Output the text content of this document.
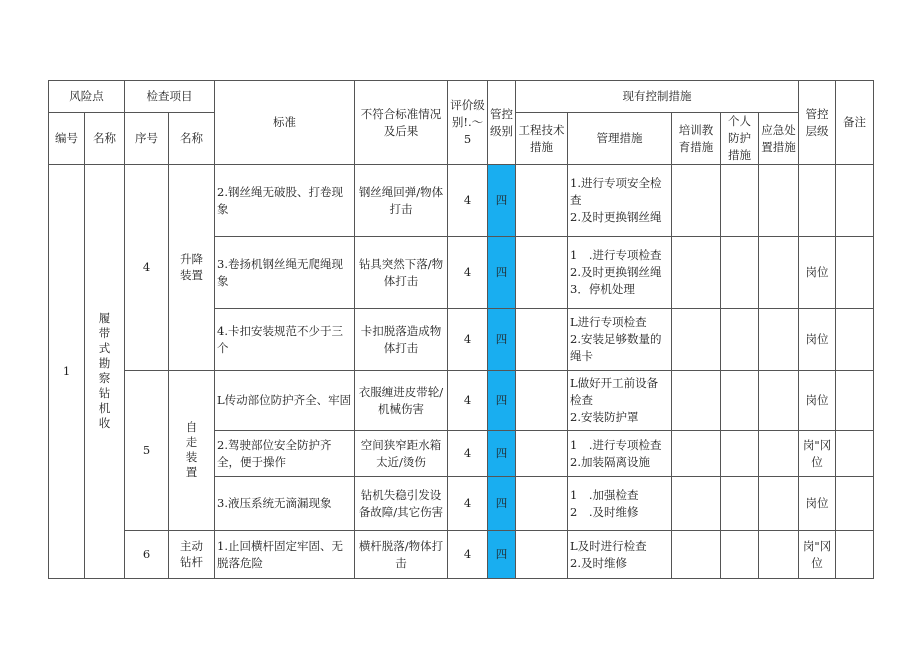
风险点		检查项目		标准	不符合标准情况及后果	评价级别!.～5	管控级别	现有控制措施					管控层级	备注
编号	名称	序号	名称					工程技术措施	管理措施	培训教育措施	个人防护措施	应急处置措施		
1	履带式勘察钻机收	4	升降装置	2.钢丝绳无破股、打卷现象	钢丝绳回弹/物体打击	4	四		1.进行专项安全检查
2.及时更换钢丝绳					

				3.卷扬机钢丝绳无爬绳现象	钻具突然下落/物体打击	4	四		1　.进行专项检查
2.及时更换钢丝绳
3．停机处理				岗位	
				4.卡扣安装规范不少于三个	卡扣脱落造成物体打击	4	四		L进行专项检查
2.安装足够数量的绳卡				岗位	
		5	自走装置	L传动部位防护齐全、牢固	衣服缠进皮带轮/机械伤害	4	四		L做好开工前设备检查
2.安装防护罩				岗位	
				2.驾驶部位安全防护齐全，便于操作	空间狭窄距水箱太近/烫伤	4	四		1　.进行专项检查
2.加装隔离设施				岗"冈位	
				3.液压系统无滴漏现象	钻机失稳引发设备故障/其它伤害	4	四		1　.加强检查
2　.及时维修				岗位	
		6	主动钻杆	1.止回横杆固定牢固、无脱落危险	横杆脱落/物体打击	4	四		L及时进行检查
2.及时维修				岗"冈位	
